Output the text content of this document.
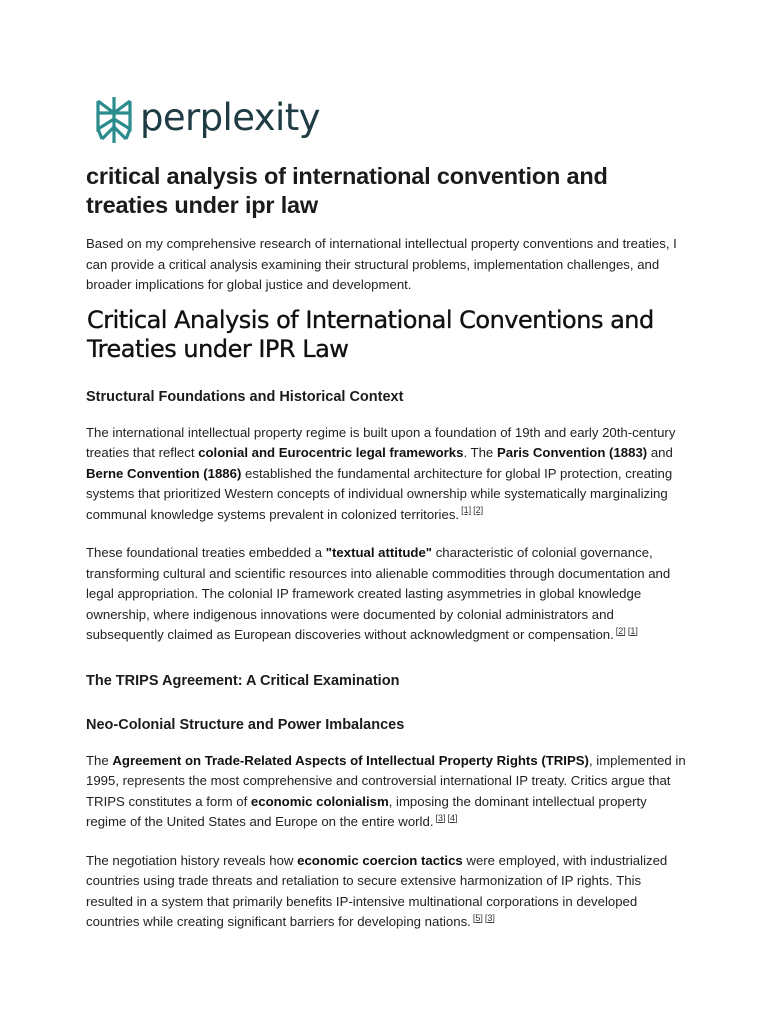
perplexity
critical analysis of international convention and treaties under ipr law

Based on my comprehensive research of international intellectual property conventions and treaties, I can provide a critical analysis examining their structural problems, implementation challenges, and broader implications for global justice and development.

Critical Analysis of International Conventions and Treaties under IPR Law
Structural Foundations and Historical Context

The international intellectual property regime is built upon a foundation of 19th and early 20th-century treaties that reflect colonial and Eurocentric legal frameworks. The Paris Convention (1883) and Berne Convention (1886) established the fundamental architecture for global IP protection, creating systems that prioritized Western concepts of individual ownership while systematically marginalizing communal knowledge systems prevalent in colonized territories. [1] [2]

These foundational treaties embedded a "textual attitude" characteristic of colonial governance, transforming cultural and scientific resources into alienable commodities through documentation and legal appropriation. The colonial IP framework created lasting asymmetries in global knowledge ownership, where indigenous innovations were documented by colonial administrators and subsequently claimed as European discoveries without acknowledgment or compensation. [2] [1]

The TRIPS Agreement: A Critical Examination
Neo-Colonial Structure and Power Imbalances

The Agreement on Trade-Related Aspects of Intellectual Property Rights (TRIPS), implemented in 1995, represents the most comprehensive and controversial international IP treaty. Critics argue that TRIPS constitutes a form of economic colonialism, imposing the dominant intellectual property regime of the United States and Europe on the entire world. [3] [4]

The negotiation history reveals how economic coercion tactics were employed, with industrialized countries using trade threats and retaliation to secure extensive harmonization of IP rights. This resulted in a system that primarily benefits IP-intensive multinational corporations in developed countries while creating significant barriers for developing nations. [5] [3]
